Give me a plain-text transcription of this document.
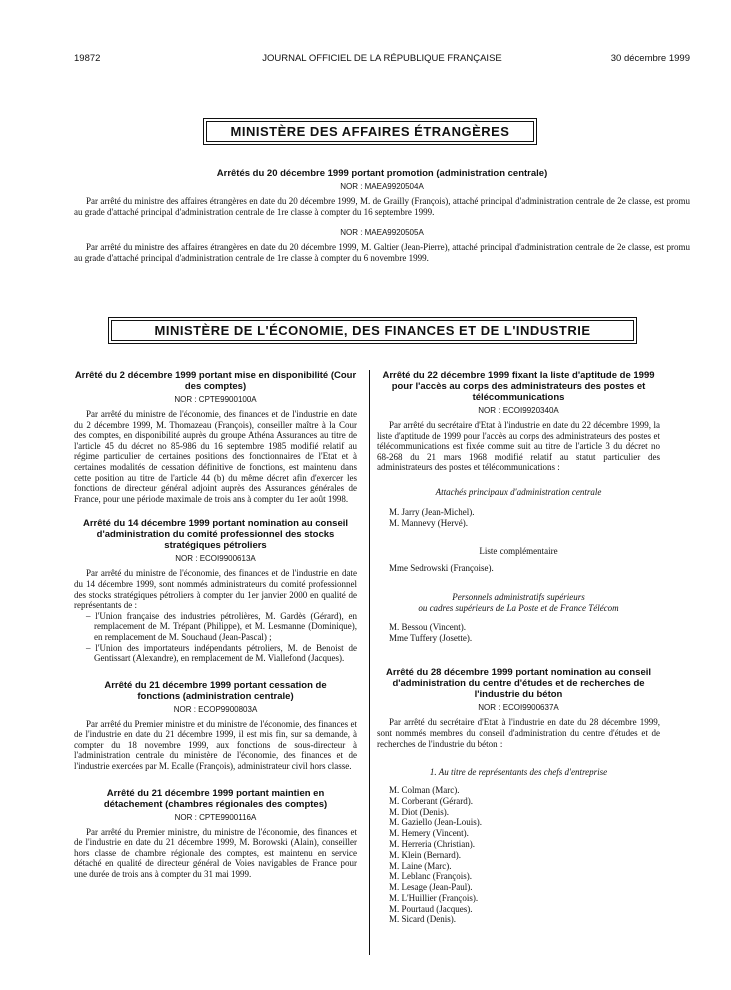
19872	JOURNAL OFFICIEL DE LA RÉPUBLIQUE FRANÇAISE	30 décembre 1999
MINISTÈRE DES AFFAIRES ÉTRANGÈRES

Arrêtés du 20 décembre 1999 portant promotion (administration centrale)

NOR : MAEA9920504A

Par arrêté du ministre des affaires étrangères en date du 20 décembre 1999, M. de Grailly (François), attaché principal d'administration centrale de 2e classe, est promu au grade d'attaché principal d'administration centrale de 1re classe à compter du 16 septembre 1999.

NOR : MAEA9920505A

Par arrêté du ministre des affaires étrangères en date du 20 décembre 1999, M. Galtier (Jean-Pierre), attaché principal d'administration centrale de 2e classe, est promu au grade d'attaché principal d'administration centrale de 1re classe à compter du 6 novembre 1999.

MINISTÈRE DE L'ÉCONOMIE, DES FINANCES ET DE L'INDUSTRIE

Arrêté du 2 décembre 1999 portant mise en disponibilité (Cour des comptes)

NOR : CPTE9900100A

Par arrêté du ministre de l'économie, des finances et de l'industrie en date du 2 décembre 1999, M. Thomazeau (François), conseiller maître à la Cour des comptes, en disponibilité auprès du groupe Athéna Assurances au titre de l'article 45 du décret no 85-986 du 16 septembre 1985 modifié relatif au régime particulier de certaines positions des fonctionnaires de l'Etat et à certaines modalités de cessation définitive de fonctions, est maintenu dans cette position au titre de l'article 44 (b) du même décret afin d'exercer les fonctions de directeur général adjoint auprès des Assurances générales de France, pour une période maximale de trois ans à compter du 1er août 1998.

Arrêté du 14 décembre 1999 portant nomination au conseil d'administration du comité professionnel des stocks stratégiques pétroliers

NOR : ECOI9900613A

Par arrêté du ministre de l'économie, des finances et de l'industrie en date du 14 décembre 1999, sont nommés administrateurs du comité professionnel des stocks stratégiques pétroliers à compter du 1er janvier 2000 en qualité de représentants de :

– l'Union française des industries pétrolières, M. Gardès (Gérard), en remplacement de M. Trépant (Philippe), et M. Lesmanne (Dominique), en remplacement de M. Souchaud (Jean-Pascal) ;
– l'Union des importateurs indépendants pétroliers, M. de Benoist de Gentissart (Alexandre), en remplacement de M. Viallefond (Jacques).

Arrêté du 21 décembre 1999 portant cessation de fonctions (administration centrale)

NOR : ECOP9900803A

Par arrêté du Premier ministre et du ministre de l'économie, des finances et de l'industrie en date du 21 décembre 1999, il est mis fin, sur sa demande, à compter du 18 novembre 1999, aux fonctions de sous-directeur à l'administration centrale du ministère de l'économie, des finances et de l'industrie exercées par M. Ecalle (François), administrateur civil hors classe.

Arrêté du 21 décembre 1999 portant maintien en détachement (chambres régionales des comptes)

NOR : CPTE9900116A

Par arrêté du Premier ministre, du ministre de l'économie, des finances et de l'industrie en date du 21 décembre 1999, M. Borowski (Alain), conseiller hors classe de chambre régionale des comptes, est maintenu en service détaché en qualité de directeur général de Voies navigables de France pour une durée de trois ans à compter du 31 mai 1999.

Arrêté du 22 décembre 1999 fixant la liste d'aptitude de 1999 pour l'accès au corps des administrateurs des postes et télécommunications

NOR : ECOI9920340A

Par arrêté du secrétaire d'Etat à l'industrie en date du 22 décembre 1999, la liste d'aptitude de 1999 pour l'accès au corps des administrateurs des postes et télécommunications est fixée comme suit au titre de l'article 3 du décret no 68-268 du 21 mars 1968 modifié relatif au statut particulier des administrateurs des postes et télécommunications :

Attachés principaux d'administration centrale

M. Jarry (Jean-Michel).

M. Mannevy (Hervé).

Liste complémentaire

Mme Sedrowski (Françoise).

Personnels administratifs supérieurs

ou cadres supérieurs de La Poste et de France Télécom

M. Bessou (Vincent).

Mme Tuffery (Josette).

Arrêté du 28 décembre 1999 portant nomination au conseil d'administration du centre d'études et de recherches de l'industrie du béton

NOR : ECOI9900637A

Par arrêté du secrétaire d'Etat à l'industrie en date du 28 décembre 1999, sont nommés membres du conseil d'administration du centre d'études et de recherches de l'industrie du béton :

1. Au titre de représentants des chefs d'entreprise

M. Colman (Marc).

M. Corberant (Gérard).

M. Diot (Denis).

M. Gaziello (Jean-Louis).

M. Hemery (Vincent).

M. Herreria (Christian).

M. Klein (Bernard).

M. Laine (Marc).

M. Leblanc (François).

M. Lesage (Jean-Paul).

M. L'Huillier (François).

M. Pourtaud (Jacques).

M. Sicard (Denis).
